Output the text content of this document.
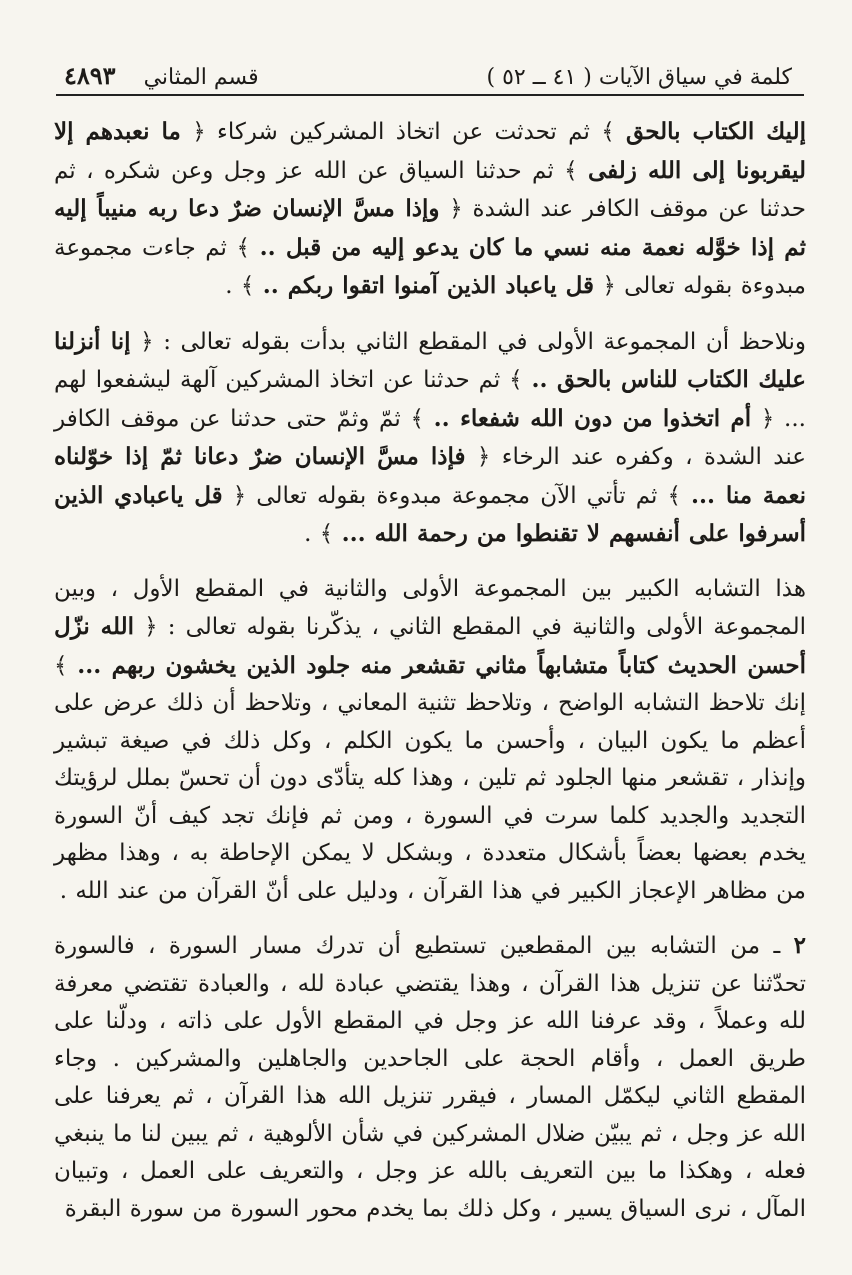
كلمة في سياق الآيات ( ٤١ ــ ٥٢ )
٤٨٩٣ قسم المثاني

إليك الكتاب بالحق ﴾ ثم تحدثت عن اتخاذ المشركين شركاء ﴿ ما نعبدهم إلا ليقربونا إلى الله زلفى ﴾ ثم حدثنا السياق عن الله عز وجل وعن شكره ، ثم حدثنا عن موقف الكافر عند الشدة ﴿ وإذا مسَّ الإنسان ضرٌ دعا ربه منيباً إليه ثم إذا خوَّله نعمة منه نسي ما كان يدعو إليه من قبل .. ﴾ ثم جاءت مجموعة مبدوءة بقوله تعالى ﴿ قل ياعباد الذين آمنوا اتقوا ربكم .. ﴾ .

ونلاحظ أن المجموعة الأولى في المقطع الثاني بدأت بقوله تعالى : ﴿ إنا أنزلنا عليك الكتاب للناس بالحق .. ﴾ ثم حدثنا عن اتخاذ المشركين آلهة ليشفعوا لهم ... ﴿ أم اتخذوا من دون الله شفعاء .. ﴾ ثمّ وثمّ حتى حدثنا عن موقف الكافر عند الشدة ، وكفره عند الرخاء ﴿ فإذا مسَّ الإنسان ضرٌ دعانا ثمّ إذا خوّلناه نعمة منا ... ﴾ ثم تأتي الآن مجموعة مبدوءة بقوله تعالى ﴿ قل ياعبادي الذين أسرفوا على أنفسهم لا تقنطوا من رحمة الله ... ﴾ .

هذا التشابه الكبير بين المجموعة الأولى والثانية في المقطع الأول ، وبين المجموعة الأولى والثانية في المقطع الثاني ، يذكّرنا بقوله تعالى : ﴿ الله نزّل أحسن الحديث كتاباً متشابهاً مثاني تقشعر منه جلود الذين يخشون ربهم ... ﴾ إنك تلاحظ التشابه الواضح ، وتلاحظ تثنية المعاني ، وتلاحظ أن ذلك عرض على أعظم ما يكون البيان ، وأحسن ما يكون الكلم ، وكل ذلك في صيغة تبشير وإنذار ، تقشعر منها الجلود ثم تلين ، وهذا كله يتأدّى دون أن تحسّ بملل لرؤيتك التجديد والجديد كلما سرت في السورة ، ومن ثم فإنك تجد كيف أنّ السورة يخدم بعضها بعضاً بأشكال متعددة ، وبشكل لا يمكن الإحاطة به ، وهذا مظهر من مظاهر الإعجاز الكبير في هذا القرآن ، ودليل على أنّ القرآن من عند الله .

٢ ـ من التشابه بين المقطعين تستطيع أن تدرك مسار السورة ، فالسورة تحدّثنا عن تنزيل هذا القرآن ، وهذا يقتضي عبادة لله ، والعبادة تقتضي معرفة لله وعملاً ، وقد عرفنا الله عز وجل في المقطع الأول على ذاته ، ودلّنا على طريق العمل ، وأقام الحجة على الجاحدين والجاهلين والمشركين . وجاء المقطع الثاني ليكمّل المسار ، فيقرر تنزيل الله هذا القرآن ، ثم يعرفنا على الله عز وجل ، ثم يبيّن ضلال المشركين في شأن الألوهية ، ثم يبين لنا ما ينبغي فعله ، وهكذا ما بين التعريف بالله عز وجل ، والتعريف على العمل ، وتبيان المآل ، نرى السياق يسير ، وكل ذلك بما يخدم محور السورة من سورة البقرة
